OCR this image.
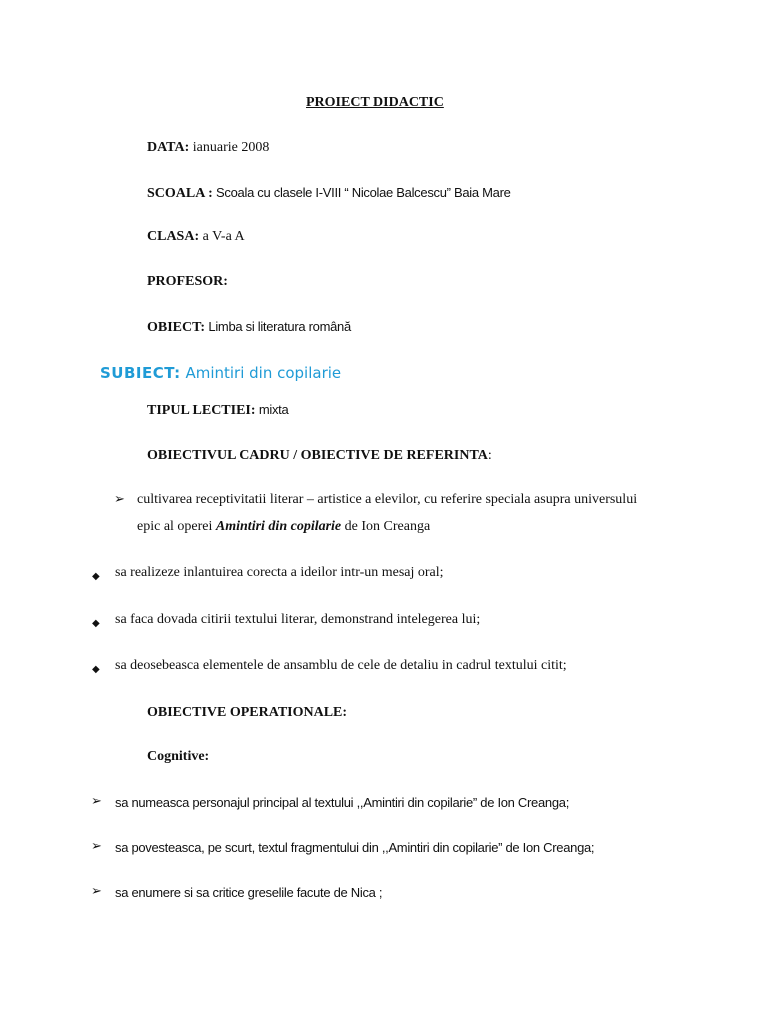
PROIECT DIDACTIC
DATA: ianuarie 2008
SCOALA : Scoala cu clasele I-VIII “ Nicolae Balcescu” Baia Mare
CLASA: a V-a A
PROFESOR:
OBIECT: Limba si literatura română
SUBIECT: Amintiri din copilarie
TIPUL LECTIEI: mixta
OBIECTIVUL CADRU / OBIECTIVE DE REFERINTA:
➢ cultivarea receptivitatii literar – artistice a elevilor, cu referire speciala asupra universului
epic al operei Amintiri din copilarie de Ion Creanga
◆ sa realizeze inlantuirea corecta a ideilor intr-un mesaj oral;
◆ sa faca dovada citirii textului literar, demonstrand intelegerea lui;
◆ sa deosebeasca elementele de ansamblu de cele de detaliu in cadrul textului citit;
OBIECTIVE OPERATIONALE:
Cognitive:
➢ sa numeasca personajul principal al textului ,,Amintiri din copilarie” de Ion Creanga;
➢ sa povesteasca, pe scurt, textul fragmentului din ,,Amintiri din copilarie” de Ion Creanga;
➢ sa enumere si sa critice greselile facute de Nica ;
